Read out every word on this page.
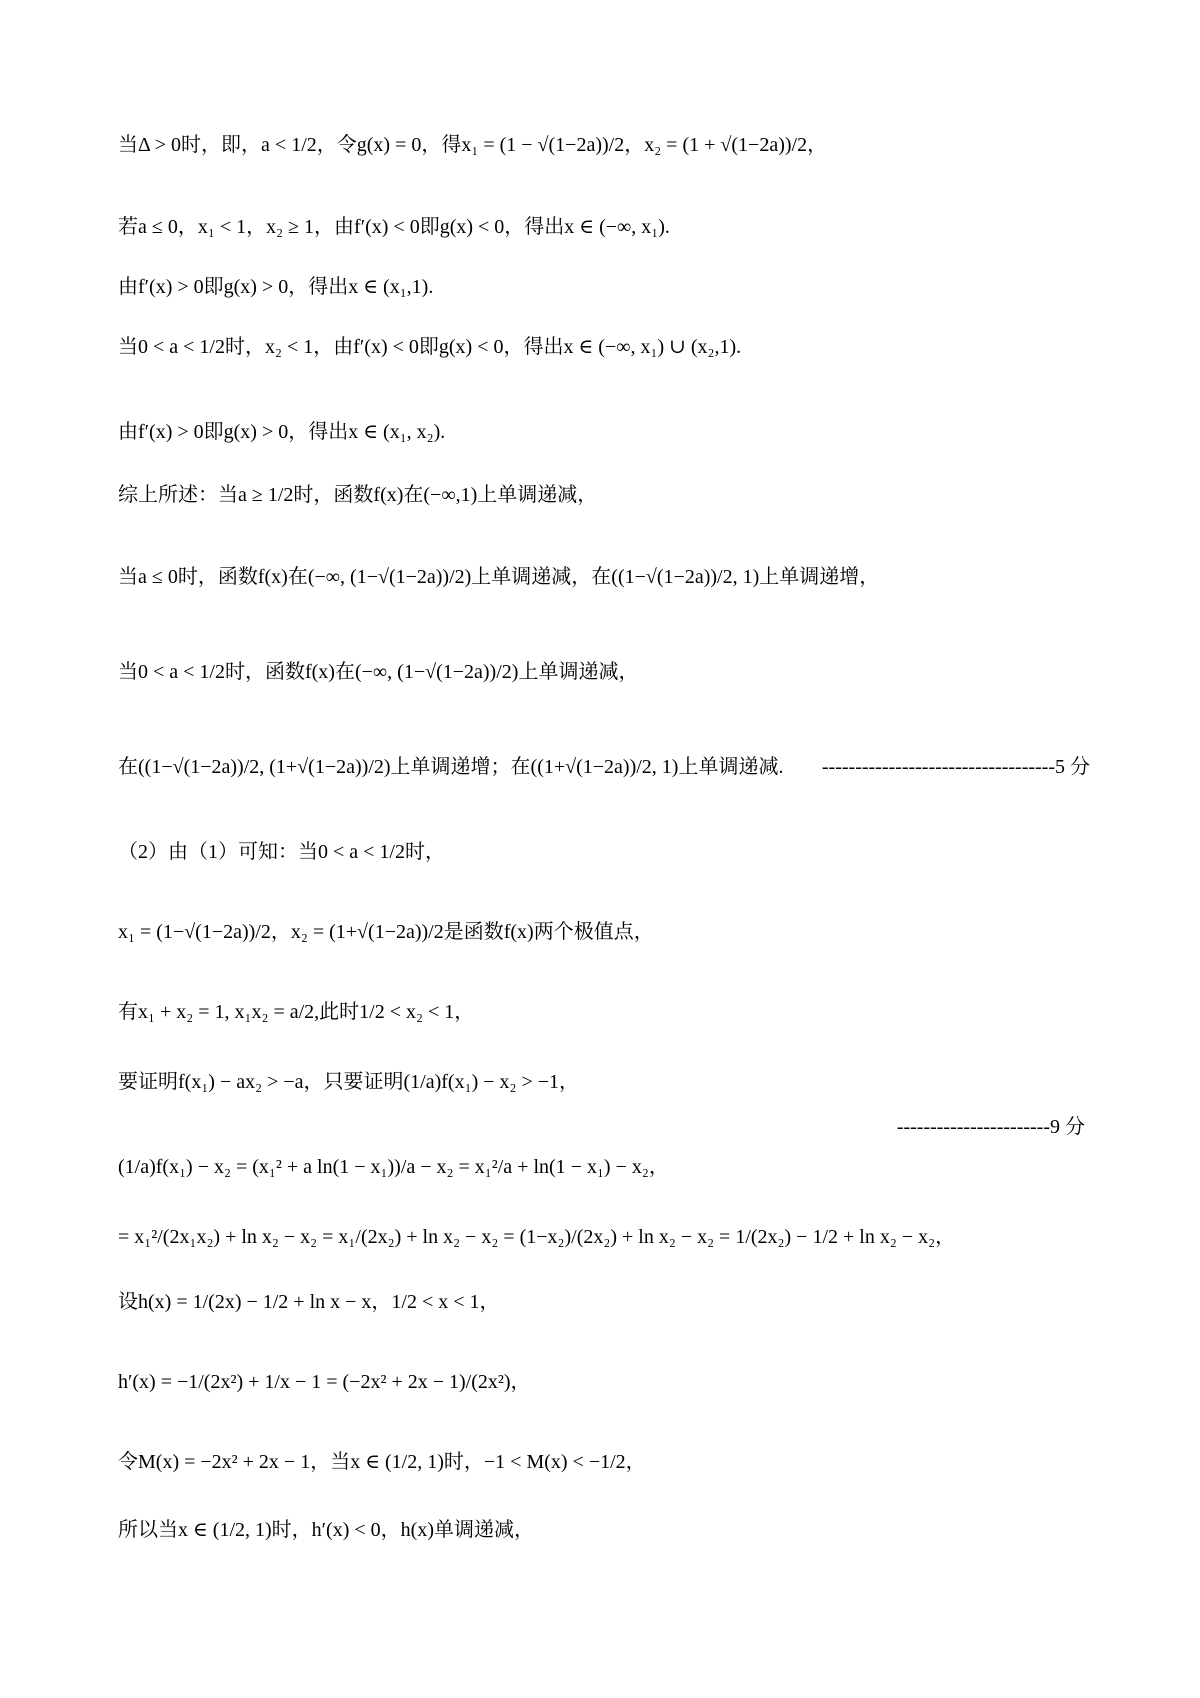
当Δ > 0时，即，a < 1/2，令g(x) = 0，得x₁ = (1 − √(1−2a))/2，x₂ = (1 + √(1−2a))/2，
若a ≤ 0，x₁ < 1，x₂ ≥ 1，由f′(x) < 0即g(x) < 0，得出x ∈ (−∞, x₁).
由f′(x) > 0即g(x) > 0，得出x ∈ (x₁,1).
当0 < a < 1/2时，x₂ < 1，由f′(x) < 0即g(x) < 0，得出x ∈ (−∞, x₁) ∪ (x₂,1).
由f′(x) > 0即g(x) > 0，得出x ∈ (x₁, x₂).
综上所述：当a ≥ 1/2时，函数f(x)在(−∞,1)上单调递减，
当a ≤ 0时，函数f(x)在(−∞, (1−√(1−2a))/2)上单调递减，在((1−√(1−2a))/2, 1)上单调递增，
当0 < a < 1/2时，函数f(x)在(−∞, (1−√(1−2a))/2)上单调递减，
在((1−√(1−2a))/2, (1+√(1−2a))/2)上单调递增；在((1+√(1−2a))/2, 1)上单调递减.	-----------------------------------5 分
（2）由（1）可知：当0 < a < 1/2时，
x₁ = (1−√(1−2a))/2，x₂ = (1+√(1−2a))/2是函数f(x)两个极值点，
有x₁ + x₂ = 1, x₁x₂ = a/2,此时1/2 < x₂ < 1，
要证明f(x₁) − ax₂ > −a，只要证明(1/a)f(x₁) − x₂ > −1，
-----------------------9 分
(1/a)f(x₁) − x₂ = (x₁² + a ln(1 − x₁))/a − x₂ = x₁²/a + ln(1 − x₁) − x₂，
= x₁²/(2x₁x₂) + ln x₂ − x₂ = x₁/(2x₂) + ln x₂ − x₂ = (1−x₂)/(2x₂) + ln x₂ − x₂ = 1/(2x₂) − 1/2 + ln x₂ − x₂，
设h(x) = 1/(2x) − 1/2 + ln x − x，1/2 < x < 1，
h′(x) = −1/(2x²) + 1/x − 1 = (−2x² + 2x − 1)/(2x²)，
令M(x) = −2x² + 2x − 1，当x ∈ (1/2, 1)时，−1 < M(x) < −1/2，
所以当x ∈ (1/2, 1)时，h′(x) < 0，h(x)单调递减，
